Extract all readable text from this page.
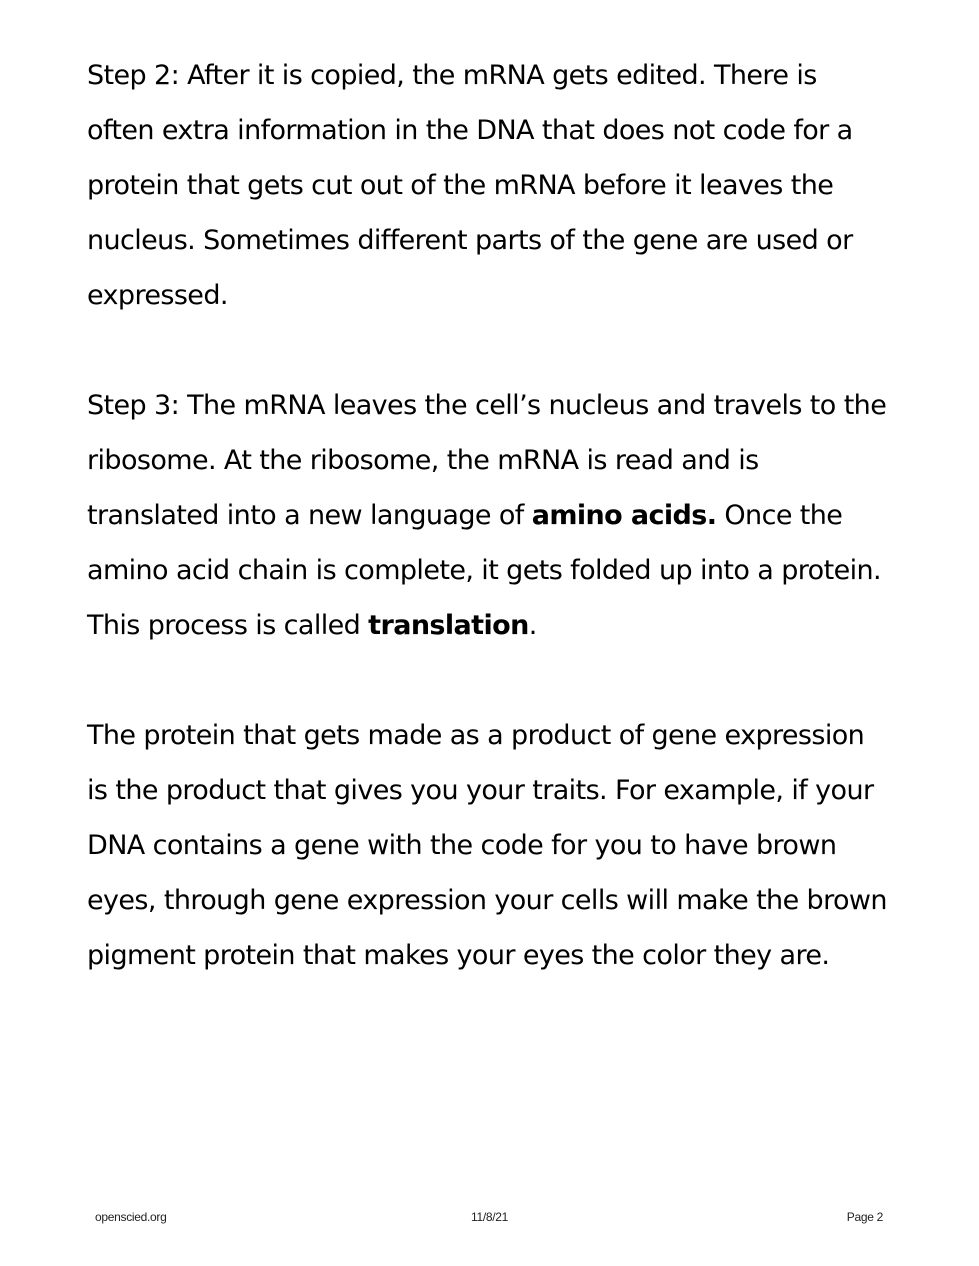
Step 2: After it is copied, the mRNA gets edited. There is often extra information in the DNA that does not code for a protein that gets cut out of the mRNA before it leaves the nucleus. Sometimes different parts of the gene are used or expressed.

Step 3: The mRNA leaves the cell’s nucleus and travels to the ribosome. At the ribosome, the mRNA is read and is translated into a new language of amino acids. Once the amino acid chain is complete, it gets folded up into a protein. This process is called translation.

The protein that gets made as a product of gene expression is the product that gives you your traits. For example, if your DNA contains a gene with the code for you to have brown eyes, through gene expression your cells will make the brown pigment protein that makes your eyes the color they are.

openscied.org	11/8/21	Page 2
